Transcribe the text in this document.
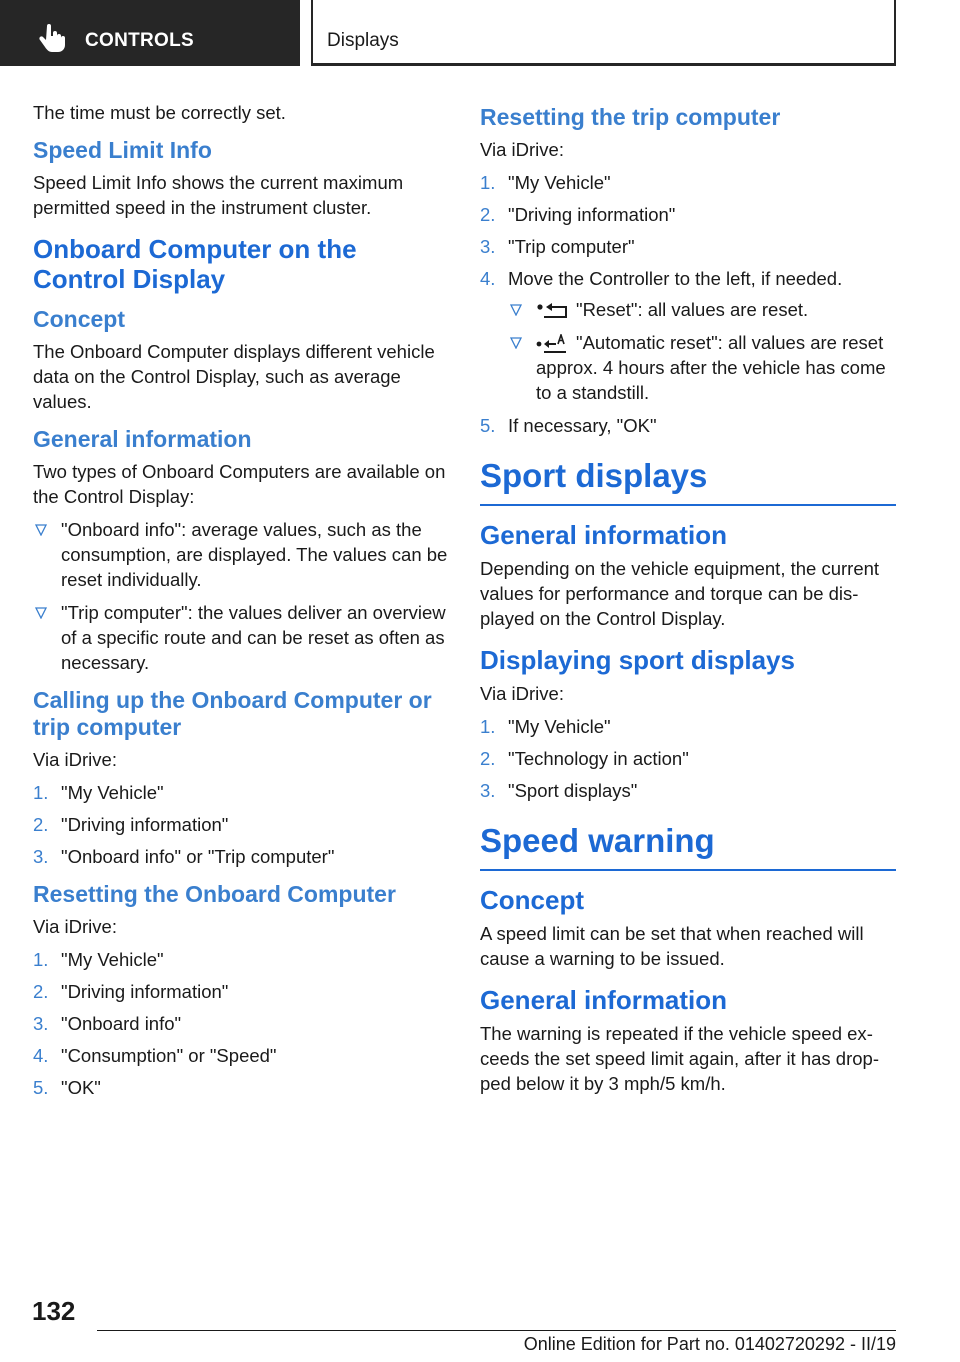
CONTROLS	Displays

The time must be correctly set.

Speed Limit Info

Speed Limit Info shows the current maximum permitted speed in the instrument cluster.

Onboard Computer on the Control Display
Concept

The Onboard Computer displays different vehicle data on the Control Display, such as average values.

General information

Two types of Onboard Computers are available on the Control Display:

"Onboard info": average values, such as the consumption, are displayed. The values can be reset individually.
"Trip computer": the values deliver an overview of a specific route and can be reset as often as necessary.
Calling up the Onboard Computer or trip computer

Via iDrive:

1. "My Vehicle"
2. "Driving information"
3. "Onboard info" or "Trip computer"
Resetting the Onboard Computer

Via iDrive:

1. "My Vehicle"
2. "Driving information"
3. "Onboard info"
4. "Consumption" or "Speed"
5. "OK"
Resetting the trip computer

Via iDrive:

1. "My Vehicle"
2. "Driving information"
3. "Trip computer"
4. Move the Controller to the left, if needed.
"Reset": all values are reset.
"Automatic reset": all values are reset approx. 4 hours after the vehicle has come to a standstill.
5. If necessary, "OK"
Sport displays
General information

Depending on the vehicle equipment, the current values for performance and torque can be displayed on the Control Display.

Displaying sport displays

Via iDrive:

1. "My Vehicle"
2. "Technology in action"
3. "Sport displays"
Speed warning
Concept

A speed limit can be set that when reached will cause a warning to be issued.

General information

The warning is repeated if the vehicle speed exceeds the set speed limit again, after it has dropped below it by 3 mph/5 km/h.

132
Online Edition for Part no. 01402720292 - II/19
